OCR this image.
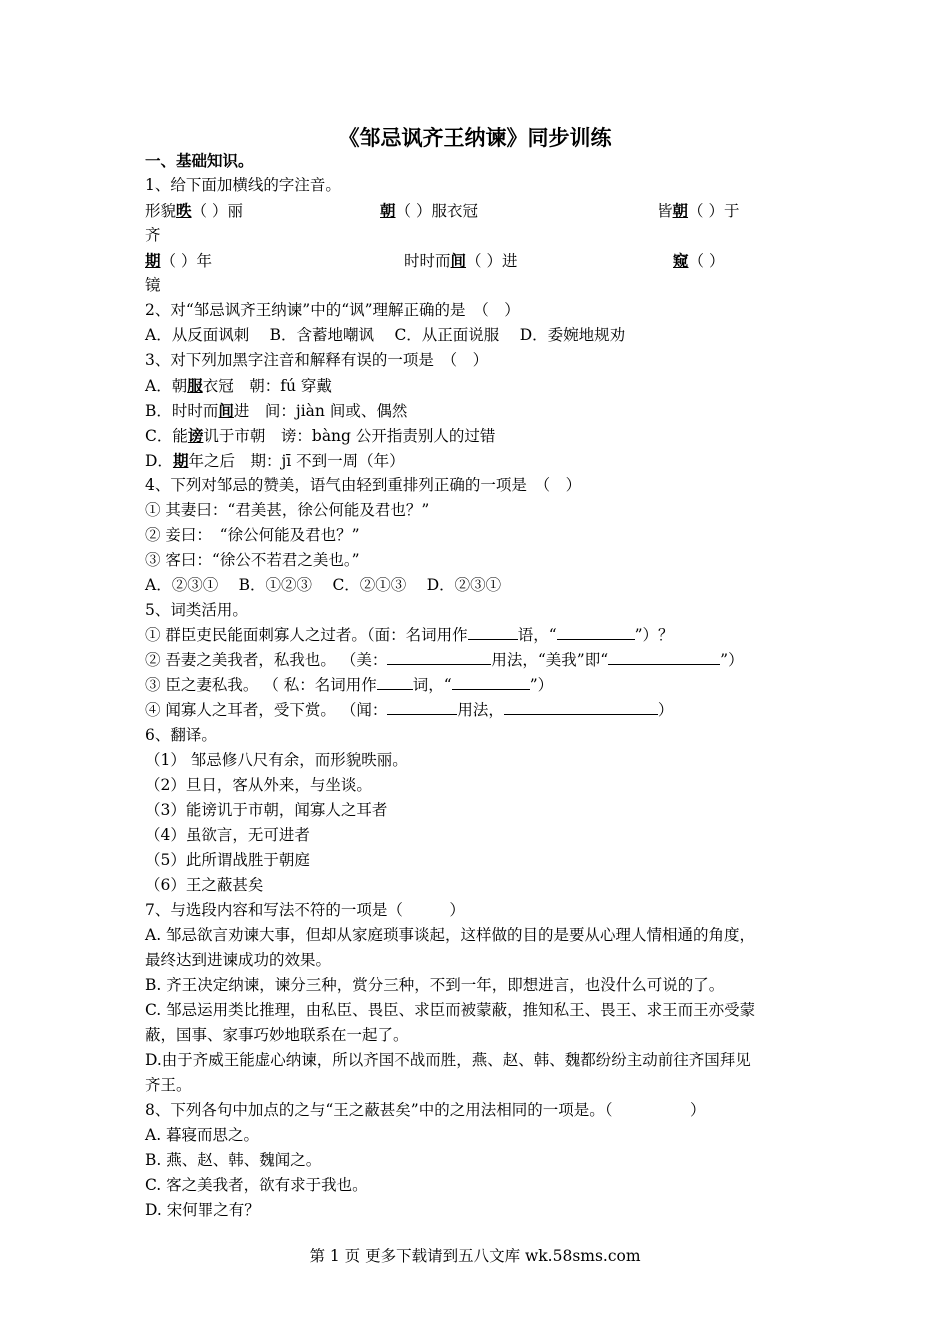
《邹忌讽齐王纳谏》同步训练
一、基础知识。
1、给下面加横线的字注音。
形貌昳（ ）丽	朝（ ）服衣冠	皆朝（ ）于
齐
期（ ）年	时时而间（ ）进	窥（ ）
镜
2、对“邹忌讽齐王纳谏”中的“讽”理解正确的是　（　）
A．从反面讽刺　 B．含蓄地嘲讽　 C．从正面说服　 D．委婉地规劝
3、对下列加黑字注音和解释有误的一项是　（　）
A．朝服衣冠　朝：fú 穿戴
B．时时而间进　间：jiàn 间或、偶然
C．能谤讥于市朝　谤：bàng 公开指责别人的过错
D．期年之后　期：jī 不到一周（年）
4、下列对邹忌的赞美，语气由轻到重排列正确的一项是　（　）
① 其妻曰：“君美甚，徐公何能及君也？”
② 妾曰：　“徐公何能及君也？”
③ 客曰：“徐公不若君之美也。”
A．②③①　 B．①②③　 C．②①③　 D．②③①
5、词类活用。
① 群臣吏民能面刺寡人之过者。（面：名词用作	语，“	”）？
② 吾妻之美我者，私我也。 （美：	用法，“美我”即“	”）
③ 臣之妻私我。 （ 私：名词用作 词，“	”）
④ 闻寡人之耳者，受下赏。 （闻：	用法，	）
6、翻译。
（1） 邹忌修八尺有余，而形貌昳丽。
（2）旦日，客从外来，与坐谈。
（3）能谤讥于市朝，闻寡人之耳者
（4）虽欲言，无可进者
（5）此所谓战胜于朝庭
（6）王之蔽甚矣
7、与选段内容和写法不符的一项是（　　　）
A. 邹忌欲言劝谏大事，但却从家庭琐事谈起，这样做的目的是要从心理人情相通的角度，
最终达到进谏成功的效果。
B. 齐王决定纳谏，谏分三种，赏分三种，不到一年，即想进言，也没什么可说的了。
C. 邹忌运用类比推理，由私臣、畏臣、求臣而被蒙蔽，推知私王、畏王、求王而王亦受蒙
蔽，国事、家事巧妙地联系在一起了。
D.由于齐威王能虚心纳谏，所以齐国不战而胜，燕、赵、韩、魏都纷纷主动前往齐国拜见
齐王。
8、下列各句中加点的之与“王之蔽甚矣”中的之用法相同的一项是。（　　　　　）
A. 暮寝而思之。
B. 燕、赵、韩、魏闻之。
C. 客之美我者，欲有求于我也。
D. 宋何罪之有？
第 1 页 更多下载请到五八文库 wk.58sms.com
